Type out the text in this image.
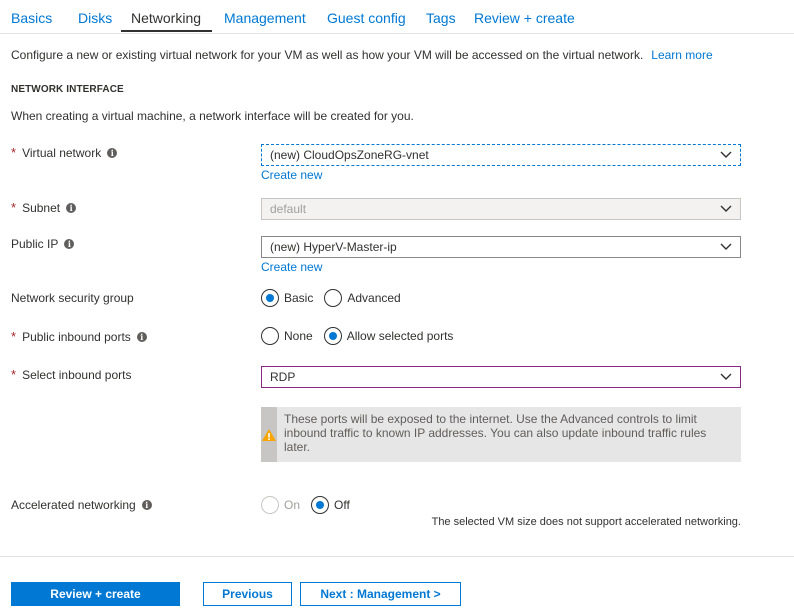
Basics Disks Networking Management Guest config Tags Review + create
Configure a new or existing virtual network for your VM as well as how your VM will be accessed on the virtual network. Learn more
NETWORK INTERFACE
When creating a virtual machine, a network interface will be created for you.
* Virtual network	i	(new) CloudOpsZoneRG-vnet
Create new
* Subnet	i	default
Public IP	i	(new) HyperV-Master-ip
Create new
Network security group	Basic	Advanced
* Public inbound ports	i	None	Allow selected ports
* Select inbound ports	RDP
These ports will be exposed to the internet. Use the Advanced controls to limit inbound traffic to known IP addresses. You can also update inbound traffic rules later.
Accelerated networking	i	On	Off
The selected VM size does not support accelerated networking.
Review + create	Previous	Next : Management >
